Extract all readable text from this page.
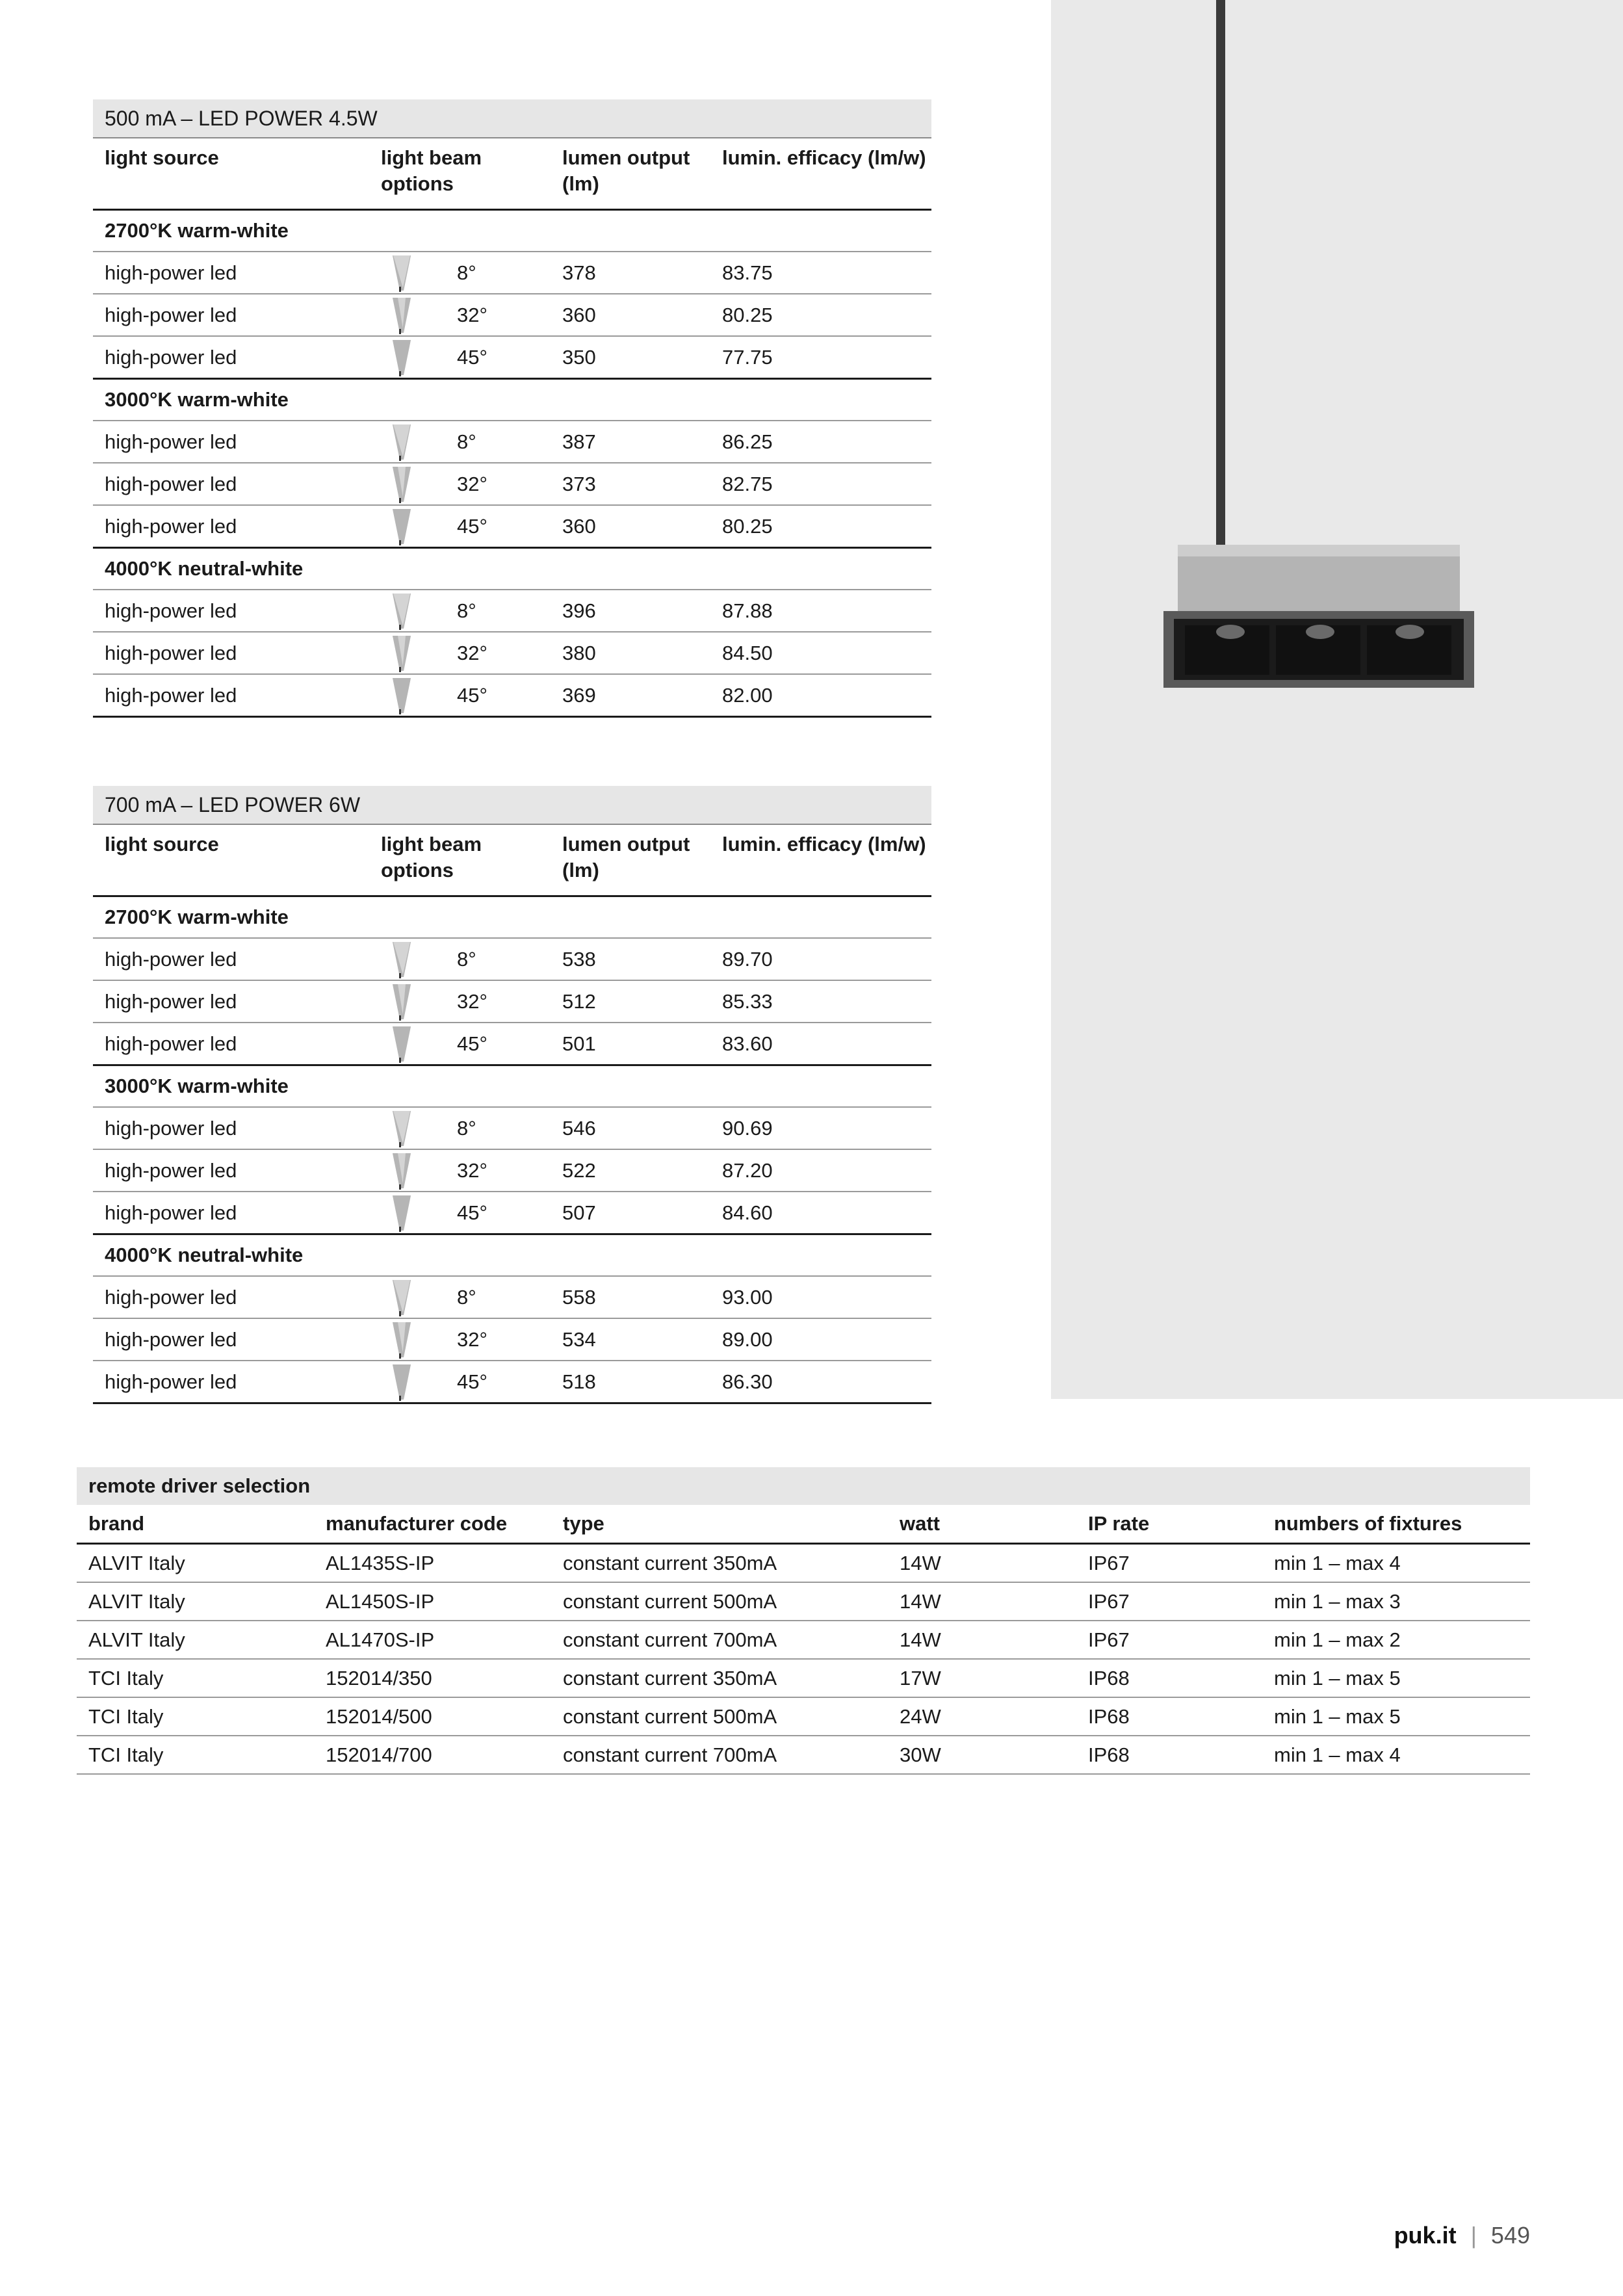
500 mA – LED POWER 4.5W			
light source	light beam options	lumen output (lm)	lumin. efficacy (lm/w)
2700°K warm-white			
high-power led	8°	378	83.75
high-power led	32°	360	80.25
high-power led	45°	350	77.75
3000°K warm-white			
high-power led	8°	387	86.25
high-power led	32°	373	82.75
high-power led	45°	360	80.25
4000°K neutral-white			
high-power led	8°	396	87.88
high-power led	32°	380	84.50
high-power led	45°	369	82.00
700 mA – LED POWER 6W			
light source	light beam options	lumen output (lm)	lumin. efficacy (lm/w)
2700°K warm-white			
high-power led	8°	538	89.70
high-power led	32°	512	85.33
high-power led	45°	501	83.60
3000°K warm-white			
high-power led	8°	546	90.69
high-power led	32°	522	87.20
high-power led	45°	507	84.60
4000°K neutral-white			
high-power led	8°	558	93.00
high-power led	32°	534	89.00
high-power led	45°	518	86.30
remote driver selection					
brand	manufacturer code	type	watt	IP rate	numbers of fixtures
ALVIT Italy	AL1435S-IP	constant current 350mA	14W	IP67	min 1 – max 4
ALVIT Italy	AL1450S-IP	constant current 500mA	14W	IP67	min 1 – max 3
ALVIT Italy	AL1470S-IP	constant current 700mA	14W	IP67	min 1 – max 2
TCI Italy	152014/350	constant current 350mA	17W	IP68	min 1 – max 5
TCI Italy	152014/500	constant current 500mA	24W	IP68	min 1 – max 5
TCI Italy	152014/700	constant current 700mA	30W	IP68	min 1 – max 4
puk.it | 549
